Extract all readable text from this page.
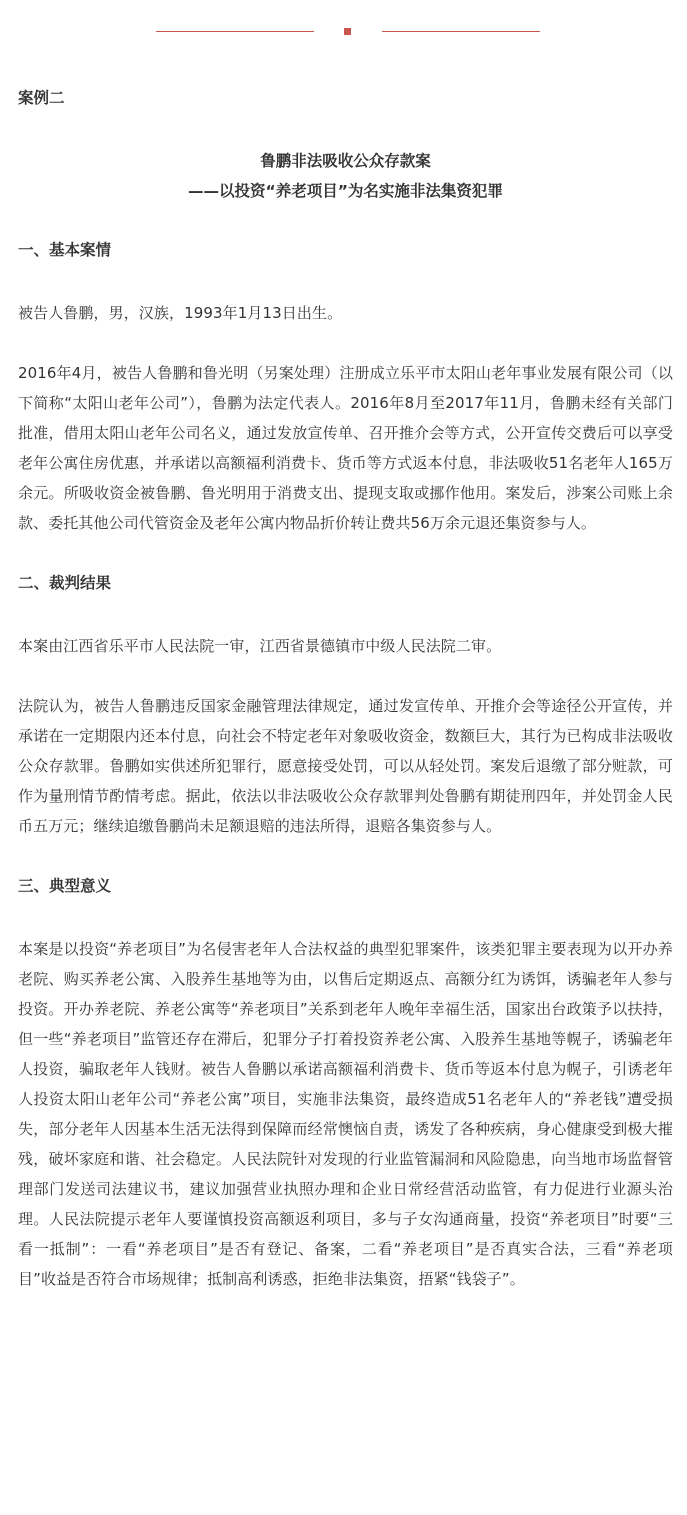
案例二

鲁鹏非法吸收公众存款案

——以投资“养老项目”为名实施非法集资犯罪

一、基本案情

被告人鲁鹏，男，汉族，1993年1月13日出生。

2016年4月，被告人鲁鹏和鲁光明（另案处理）注册成立乐平市太阳山老年事业发展有限公司（以下简称“太阳山老年公司”），鲁鹏为法定代表人。2016年8月至2017年11月，鲁鹏未经有关部门批准，借用太阳山老年公司名义，通过发放宣传单、召开推介会等方式，公开宣传交费后可以享受老年公寓住房优惠，并承诺以高额福利消费卡、货币等方式返本付息，非法吸收51名老年人165万余元。所吸收资金被鲁鹏、鲁光明用于消费支出、提现支取或挪作他用。案发后，涉案公司账上余款、委托其他公司代管资金及老年公寓内物品折价转让费共56万余元退还集资参与人。

二、裁判结果

本案由江西省乐平市人民法院一审，江西省景德镇市中级人民法院二审。

法院认为，被告人鲁鹏违反国家金融管理法律规定，通过发宣传单、开推介会等途径公开宣传，并承诺在一定期限内还本付息，向社会不特定老年对象吸收资金，数额巨大，其行为已构成非法吸收公众存款罪。鲁鹏如实供述所犯罪行，愿意接受处罚，可以从轻处罚。案发后退缴了部分赃款，可作为量刑情节酌情考虑。据此，依法以非法吸收公众存款罪判处鲁鹏有期徒刑四年，并处罚金人民币五万元；继续追缴鲁鹏尚未足额退赔的违法所得，退赔各集资参与人。

三、典型意义

本案是以投资“养老项目”为名侵害老年人合法权益的典型犯罪案件，该类犯罪主要表现为以开办养老院、购买养老公寓、入股养生基地等为由，以售后定期返点、高额分红为诱饵，诱骗老年人参与投资。开办养老院、养老公寓等“养老项目”关系到老年人晚年幸福生活，国家出台政策予以扶持，但一些“养老项目”监管还存在滞后，犯罪分子打着投资养老公寓、入股养生基地等幌子，诱骗老年人投资，骗取老年人钱财。被告人鲁鹏以承诺高额福利消费卡、货币等返本付息为幌子，引诱老年人投资太阳山老年公司“养老公寓”项目，实施非法集资，最终造成51名老年人的“养老钱”遭受损失，部分老年人因基本生活无法得到保障而经常懊恼自责，诱发了各种疾病，身心健康受到极大摧残，破坏家庭和谐、社会稳定。人民法院针对发现的行业监管漏洞和风险隐患，向当地市场监督管理部门发送司法建议书，建议加强营业执照办理和企业日常经营活动监管，有力促进行业源头治理。人民法院提示老年人要谨慎投资高额返利项目，多与子女沟通商量，投资“养老项目”时要“三看一抵制”：一看“养老项目”是否有登记、备案，二看“养老项目”是否真实合法，三看“养老项目”收益是否符合市场规律；抵制高利诱惑，拒绝非法集资，捂紧“钱袋子”。
